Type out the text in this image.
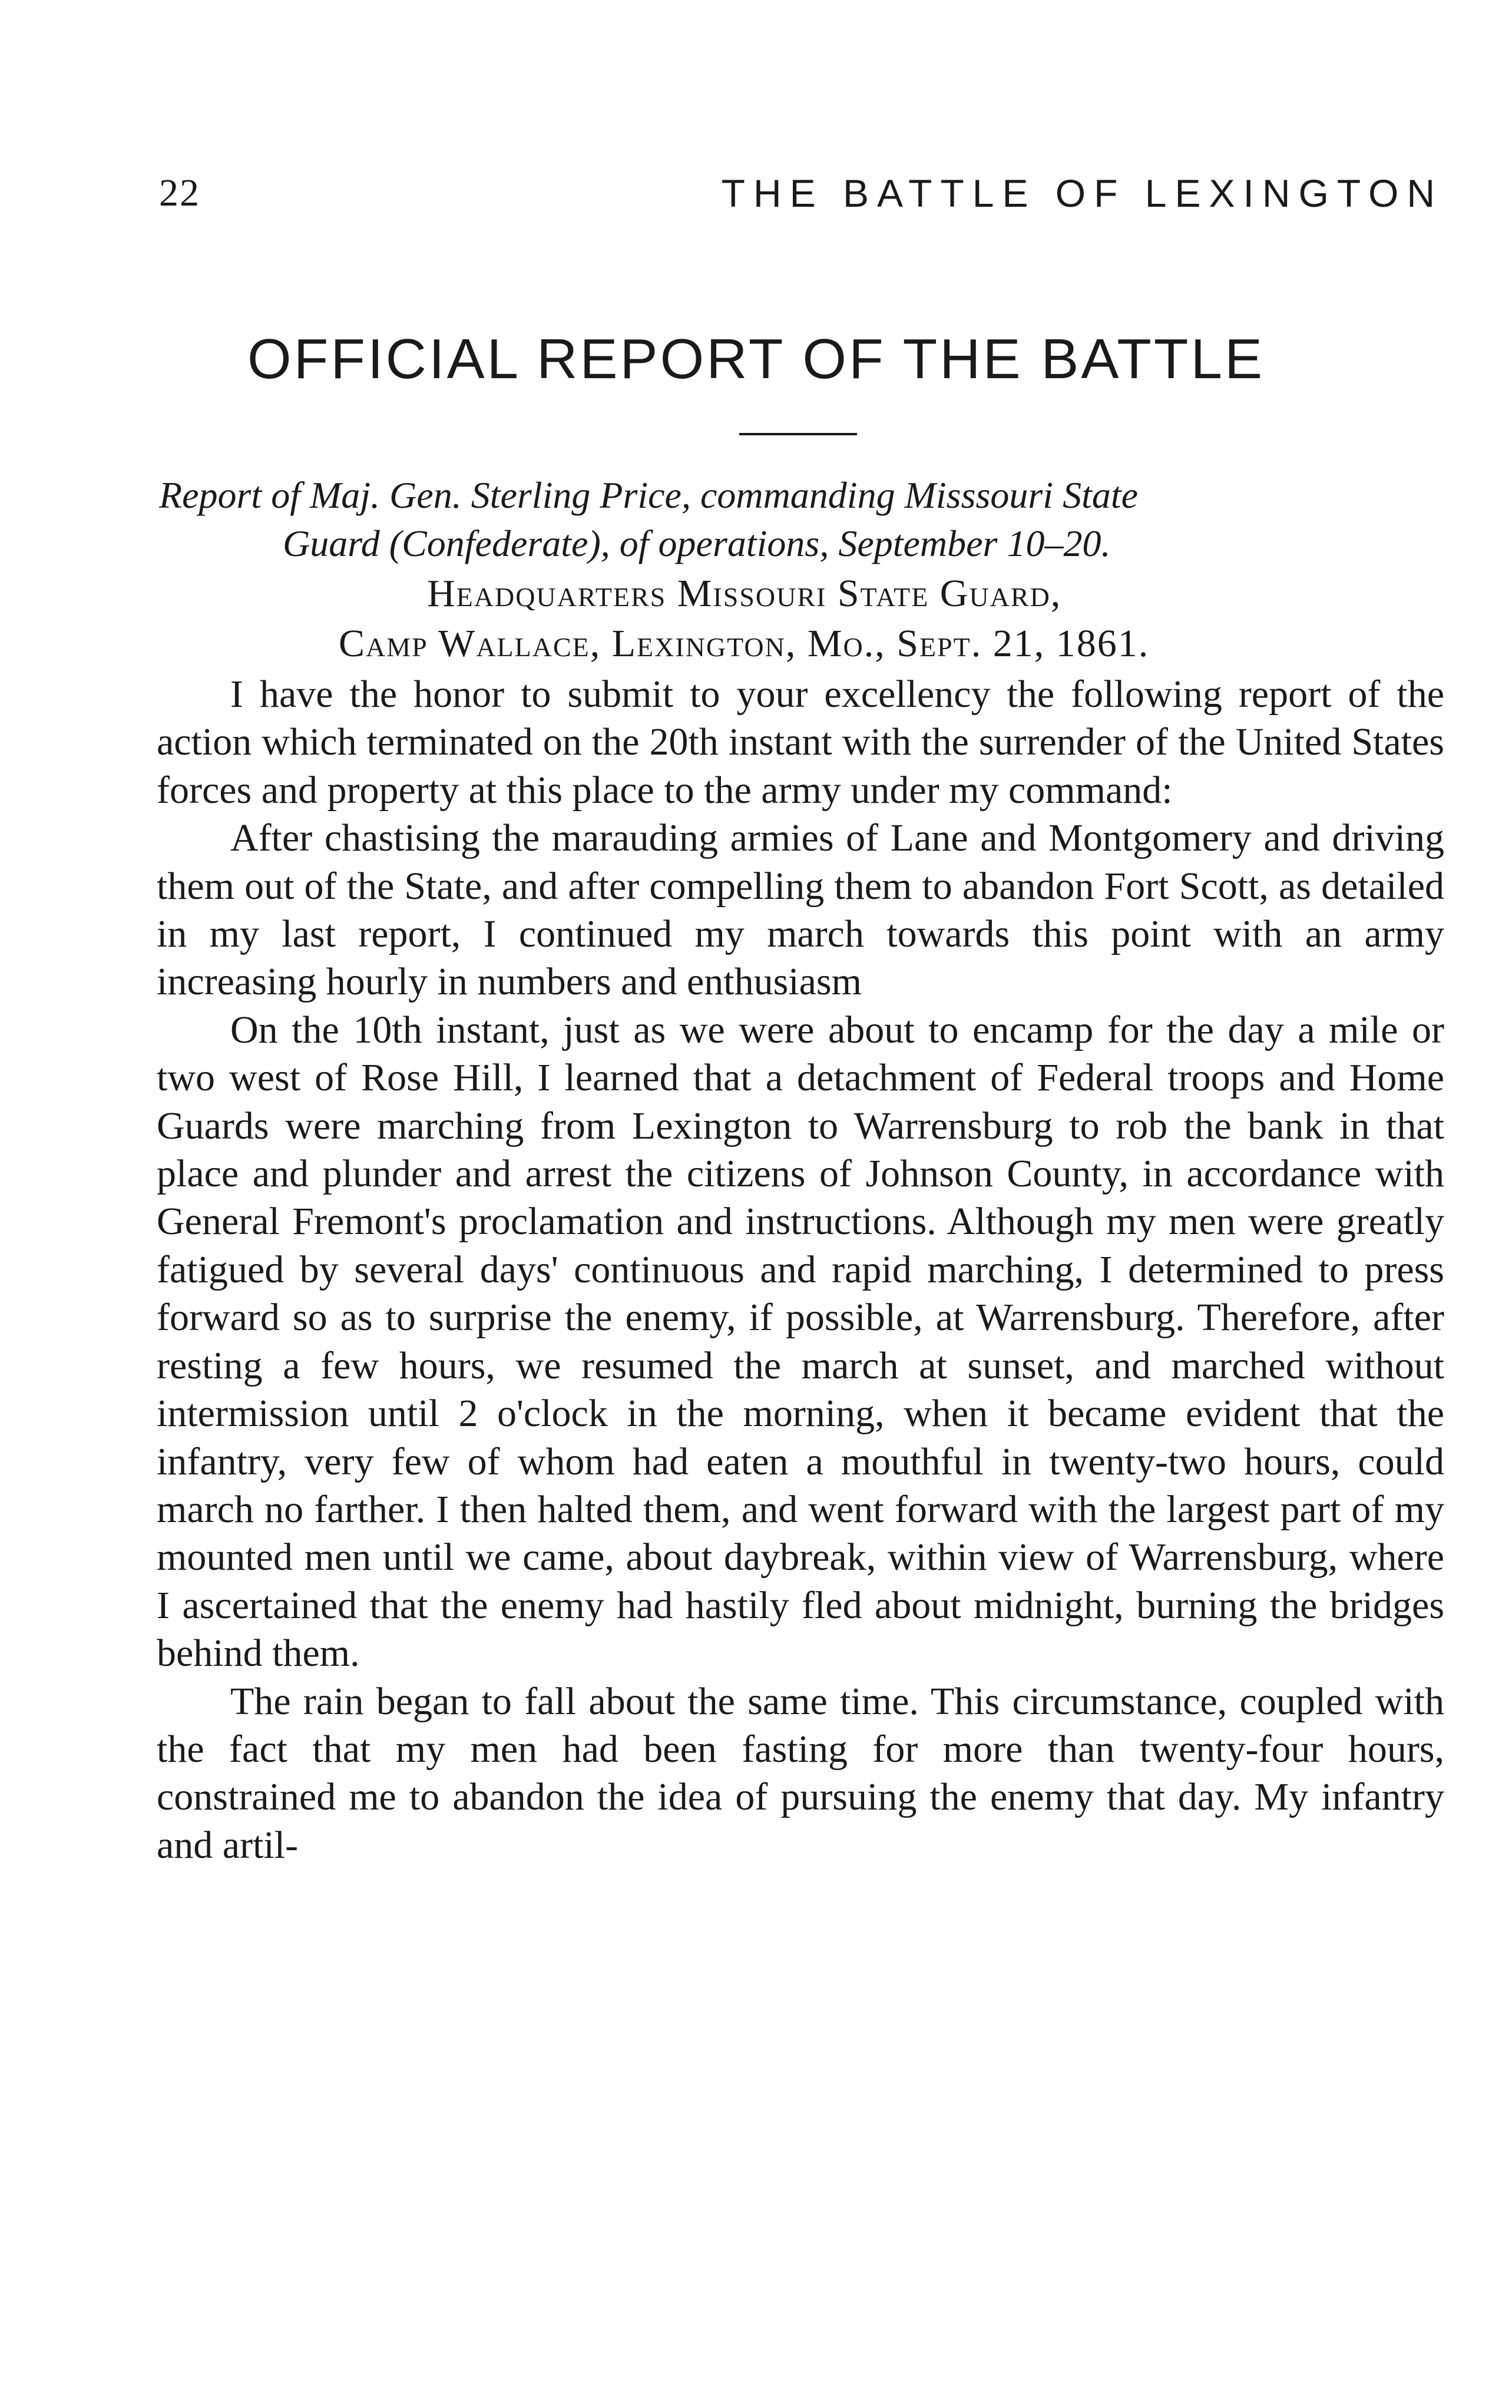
22	THE BATTLE OF LEXINGTON
OFFICIAL REPORT OF THE BATTLE
Report of Maj. Gen. Sterling Price, commanding Misssouri State
Guard (Confederate), of operations, September 10–20.
Headquarters Missouri State Guard,
Camp Wallace, Lexington, Mo., Sept. 21, 1861.

I have the honor to submit to your excellency the following report of the action which terminated on the 20th instant with the surrender of the United States forces and property at this place to the army under my command:

After chastising the marauding armies of Lane and Montgomery and driving them out of the State, and after compelling them to abandon Fort Scott, as detailed in my last report, I continued my march towards this point with an army increasing hourly in numbers and enthusiasm

On the 10th instant, just as we were about to encamp for the day a mile or two west of Rose Hill, I learned that a detachment of Federal troops and Home Guards were marching from Lexington to Warrensburg to rob the bank in that place and plunder and arrest the citizens of Johnson County, in accordance with General Fremont's proclamation and instructions. Although my men were greatly fatigued by several days' continuous and rapid marching, I determined to press forward so as to surprise the enemy, if possible, at Warrensburg. Therefore, after resting a few hours, we resumed the march at sunset, and marched without intermission until 2 o'clock in the morning, when it became evident that the infantry, very few of whom had eaten a mouthful in twenty-two hours, could march no farther. I then halted them, and went forward with the largest part of my mounted men until we came, about daybreak, within view of Warrensburg, where I ascertained that the enemy had hastily fled about midnight, burning the bridges behind them.

The rain began to fall about the same time. This circumstance, coupled with the fact that my men had been fasting for more than twenty-four hours, constrained me to abandon the idea of pursuing the enemy that day. My infantry and artil-
